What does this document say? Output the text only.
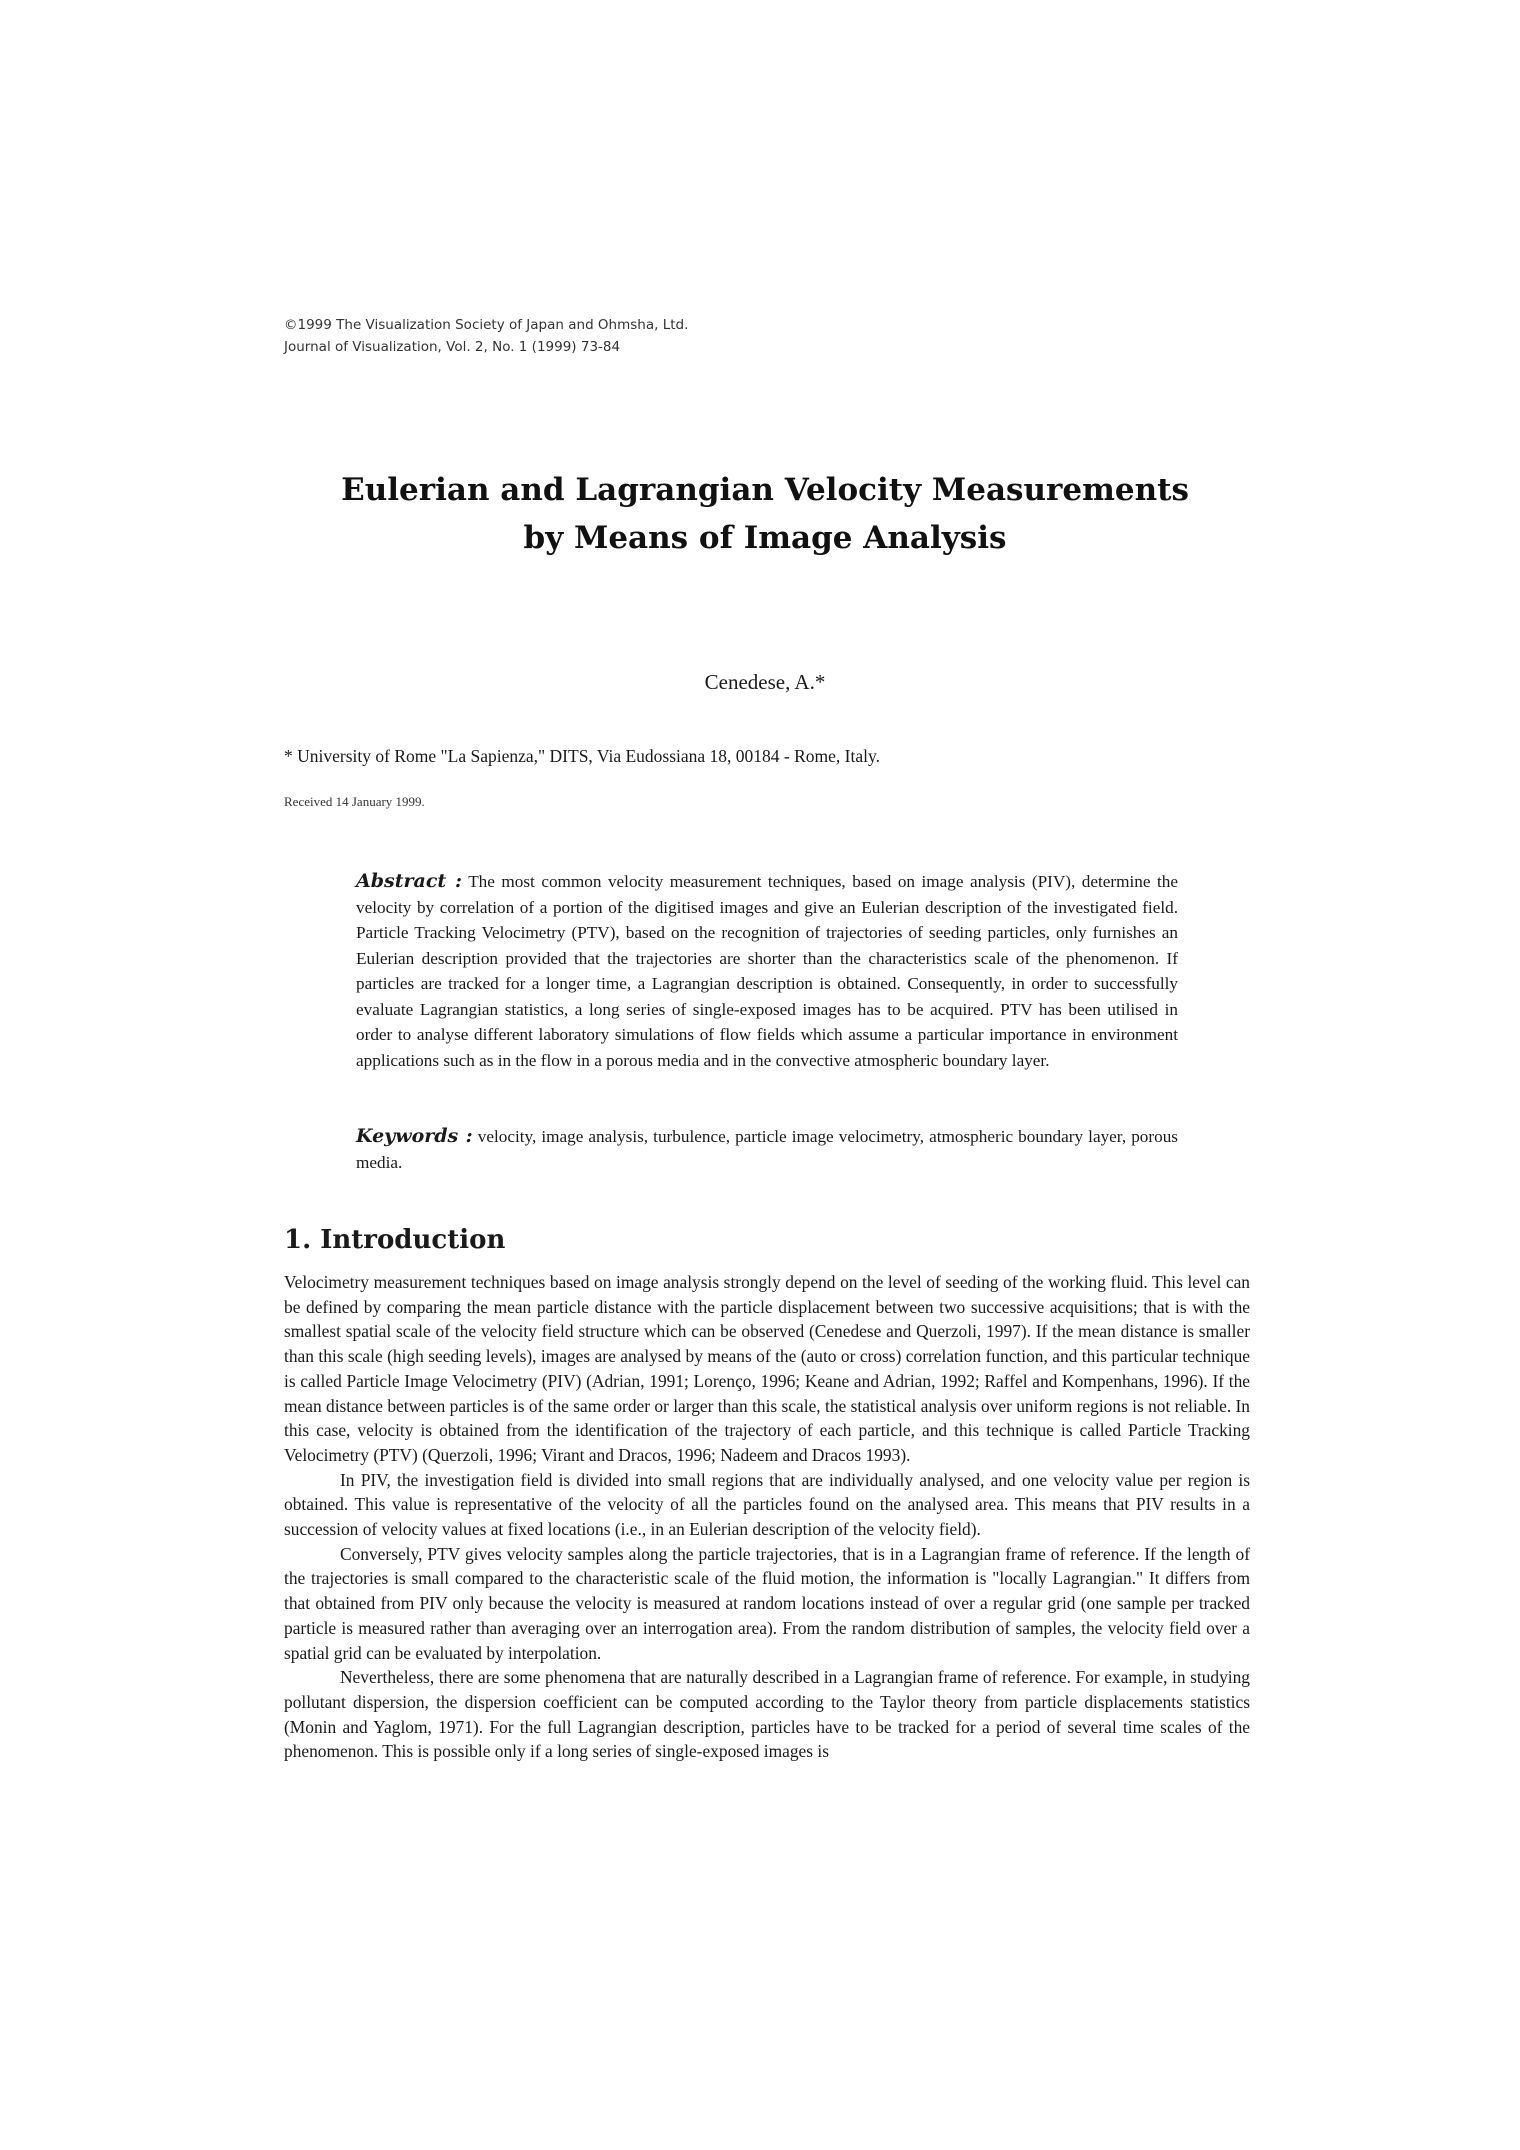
©1999 The Visualization Society of Japan and Ohmsha, Ltd.
Journal of Visualization, Vol. 2, No. 1 (1999) 73-84
Eulerian and Lagrangian Velocity Measurements
by Means of Image Analysis
Cenedese, A.*
* University of Rome "La Sapienza," DITS, Via Eudossiana 18, 00184 - Rome, Italy.
Received 14 January 1999.
Abstract : The most common velocity measurement techniques, based on image analysis (PIV), determine the velocity by correlation of a portion of the digitised images and give an Eulerian description of the investigated field. Particle Tracking Velocimetry (PTV), based on the recognition of trajectories of seeding particles, only furnishes an Eulerian description provided that the trajectories are shorter than the characteristics scale of the phenomenon. If particles are tracked for a longer time, a Lagrangian description is obtained. Consequently, in order to successfully evaluate Lagrangian statistics, a long series of single-exposed images has to be acquired. PTV has been utilised in order to analyse different laboratory simulations of flow fields which assume a particular importance in environment applications such as in the flow in a porous media and in the convective atmospheric boundary layer.
Keywords : velocity, image analysis, turbulence, particle image velocimetry, atmospheric boundary layer, porous media.
1. Introduction

Velocimetry measurement techniques based on image analysis strongly depend on the level of seeding of the working fluid. This level can be defined by comparing the mean particle distance with the particle displacement between two successive acquisitions; that is with the smallest spatial scale of the velocity field structure which can be observed (Cenedese and Querzoli, 1997). If the mean distance is smaller than this scale (high seeding levels), images are analysed by means of the (auto or cross) correlation function, and this particular technique is called Particle Image Velocimetry (PIV) (Adrian, 1991; Lorenço, 1996; Keane and Adrian, 1992; Raffel and Kompenhans, 1996). If the mean distance between particles is of the same order or larger than this scale, the statistical analysis over uniform regions is not reliable. In this case, velocity is obtained from the identification of the trajectory of each particle, and this technique is called Particle Tracking Velocimetry (PTV) (Querzoli, 1996; Virant and Dracos, 1996; Nadeem and Dracos 1993).

In PIV, the investigation field is divided into small regions that are individually analysed, and one velocity value per region is obtained. This value is representative of the velocity of all the particles found on the analysed area. This means that PIV results in a succession of velocity values at fixed locations (i.e., in an Eulerian description of the velocity field).

Conversely, PTV gives velocity samples along the particle trajectories, that is in a Lagrangian frame of reference. If the length of the trajectories is small compared to the characteristic scale of the fluid motion, the information is "locally Lagrangian." It differs from that obtained from PIV only because the velocity is measured at random locations instead of over a regular grid (one sample per tracked particle is measured rather than averaging over an interrogation area). From the random distribution of samples, the velocity field over a spatial grid can be evaluated by interpolation.

Nevertheless, there are some phenomena that are naturally described in a Lagrangian frame of reference. For example, in studying pollutant dispersion, the dispersion coefficient can be computed according to the Taylor theory from particle displacements statistics (Monin and Yaglom, 1971). For the full Lagrangian description, particles have to be tracked for a period of several time scales of the phenomenon. This is possible only if a long series of single-exposed images is
